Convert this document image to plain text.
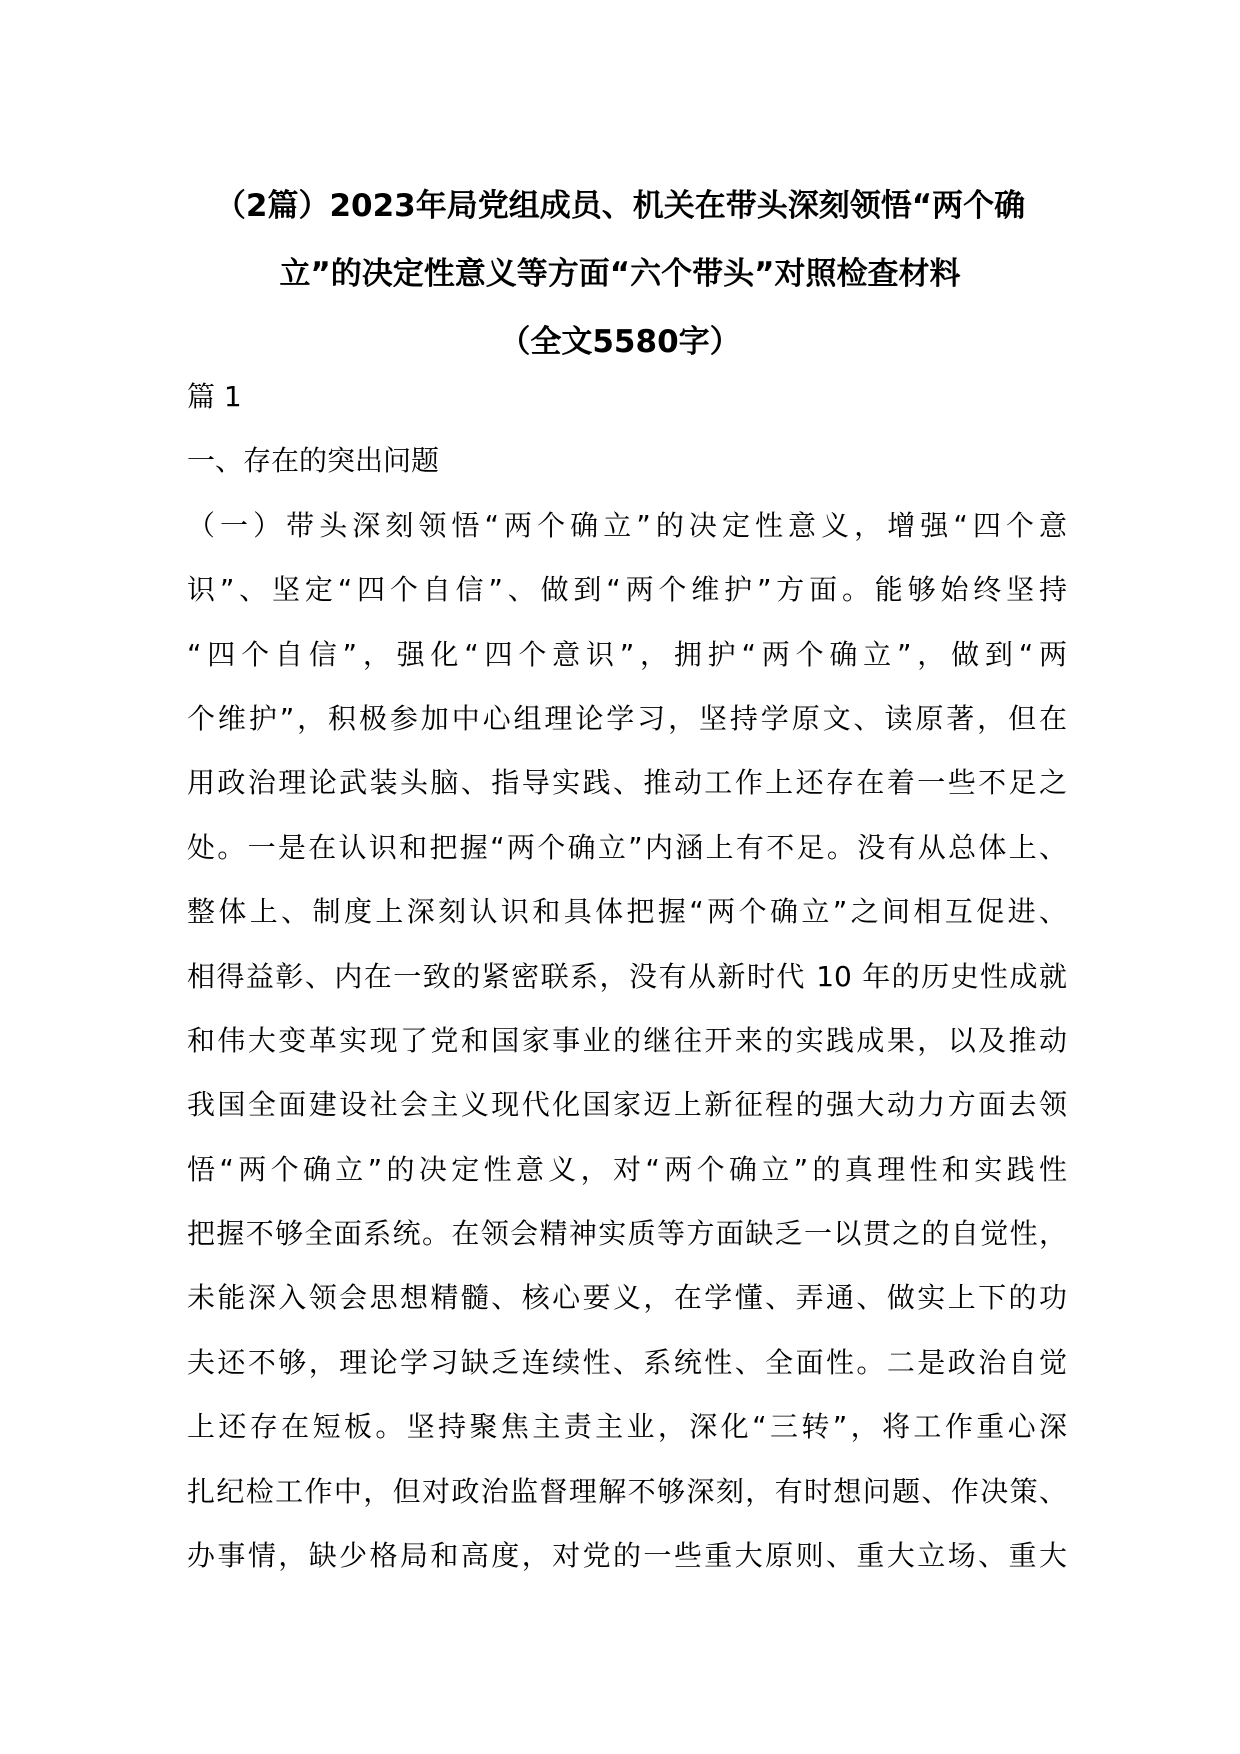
（2篇）2023年局党组成员、机关在带头深刻领悟“两个确
立”的决定性意义等方面“六个带头”对照检查材料
（全文5580字）
篇 1
一、存在的突出问题
（一）带头深刻领悟“两个确立”的决定性意义，增强“四个意
识”、坚定“四个自信”、做到“两个维护”方面。能够始终坚持
“四个自信”，强化“四个意识”，拥护“两个确立”，做到“两
个维护”，积极参加中心组理论学习，坚持学原文、读原著，但在
用政治理论武装头脑、指导实践、推动工作上还存在着一些不足之
处。一是在认识和把握“两个确立”内涵上有不足。没有从总体上、
整体上、制度上深刻认识和具体把握“两个确立”之间相互促进、
相得益彰、内在一致的紧密联系，没有从新时代 10 年的历史性成就
和伟大变革实现了党和国家事业的继往开来的实践成果，以及推动
我国全面建设社会主义现代化国家迈上新征程的强大动力方面去领
悟“两个确立”的决定性意义，对“两个确立”的真理性和实践性
把握不够全面系统。在领会精神实质等方面缺乏一以贯之的自觉性，
未能深入领会思想精髓、核心要义，在学懂、弄通、做实上下的功
夫还不够，理论学习缺乏连续性、系统性、全面性。二是政治自觉
上还存在短板。坚持聚焦主责主业，深化“三转”，将工作重心深
扎纪检工作中，但对政治监督理解不够深刻，有时想问题、作决策、
办事情，缺少格局和高度，对党的一些重大原则、重大立场、重大
